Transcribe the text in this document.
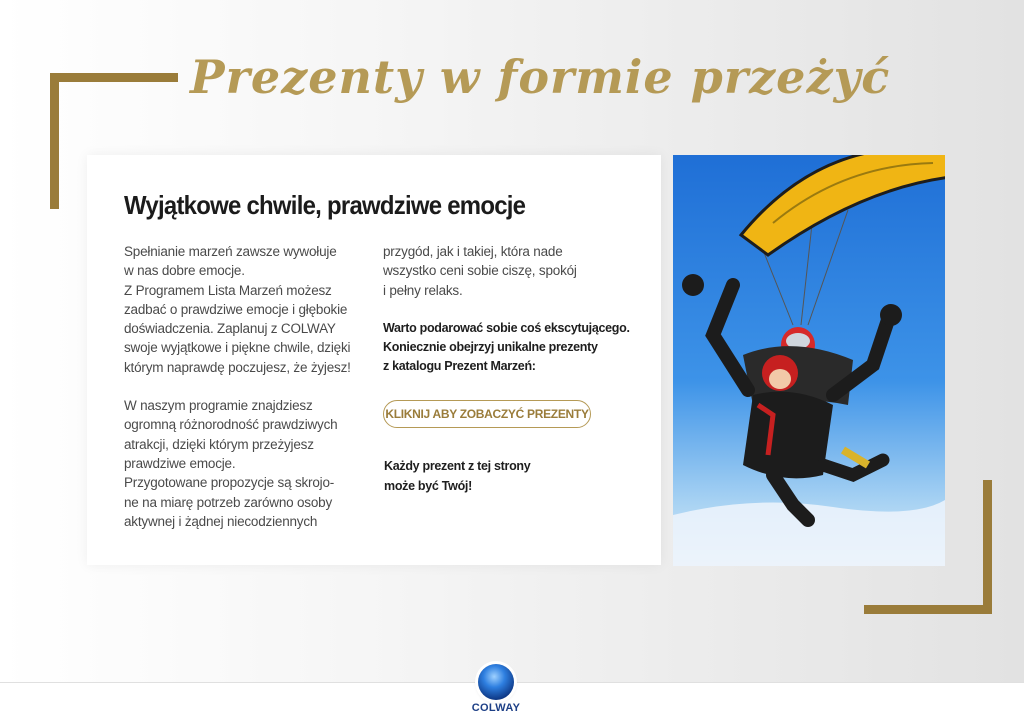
Prezenty w formie przeżyć
Wyjątkowe chwile, prawdziwe emocje

Spełnianie marzeń zawsze wywołuje

w nas dobre emocje.

Z Programem Lista Marzeń możesz

zadbać o prawdziwe emocje i głębokie

doświadczenia. Zaplanuj z COLWAY

swoje wyjątkowe i piękne chwile, dzięki

którym naprawdę poczujesz, że żyjesz!

W naszym programie znajdziesz

ogromną różnorodność prawdziwych

atrakcji, dzięki którym przeżyjesz

prawdziwe emocje.

Przygotowane propozycje są skrojo-

ne na miarę potrzeb zarówno osoby

aktywnej i żądnej niecodziennych

przygód, jak i takiej, która nade

wszystko ceni sobie ciszę, spokój

i pełny relaks.

Warto podarować sobie coś ekscytującego.

Koniecznie obejrzyj unikalne prezenty

z katalogu Prezent Marzeń:

KLIKNIJ ABY ZOBACZYĆ PREZENTY
Każdy prezent z tej strony
może być Twój!
COLWAY
